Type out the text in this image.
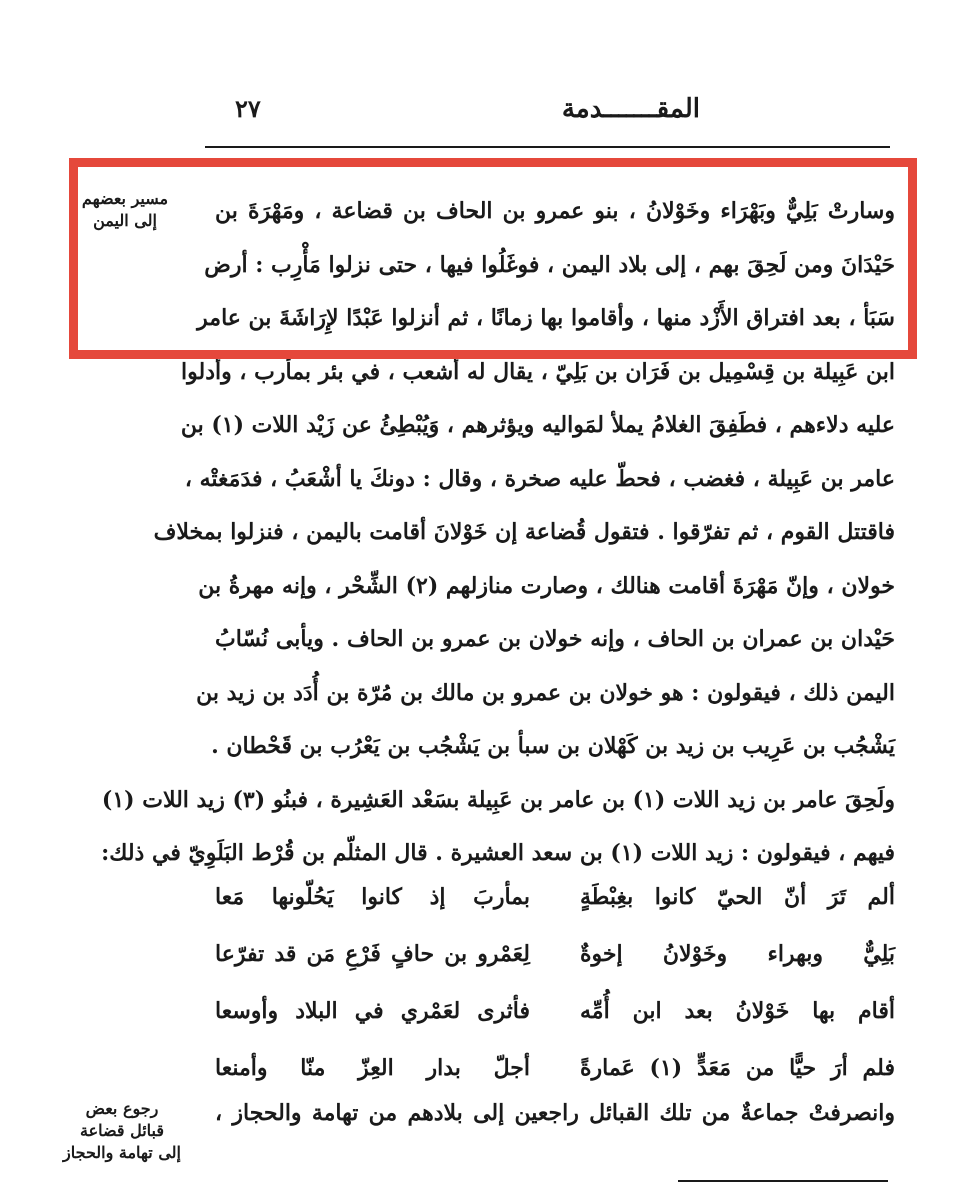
المقـــــــدمة
٢٧
مسير بعضهم
إلى اليمن	وسارتْ بَلِيٌّ وبَهْرَاء وخَوْلانُ ، بنو عمرو بن الحاف بن قضاعة ، ومَهْرَةَ بن
حَيْدَانَ ومن لَحِقَ بهم ، إلى بلاد اليمن ، فوغَلُوا فيها ، حتى نزلوا مَأْرِب : أرض
سَبَأ ، بعد افتراق الأَزْد منها ، وأقاموا بها زمانًا ، ثم أنزلوا عَبْدًا لإِرَاشَةَ بن عامر
ابن عَبِيلة بن قِسْمِيل بن فَرَان بن بَلِيّ ، يقال له أشعب ، في بئر بمأرب ، وأدلوا
عليه دلاءهم ، فطَفِقَ الغلامُ يملأ لمَواليه ويؤثرهم ، وَيُبْطِئُ عن زَيْد اللات (١) بن
عامر بن عَبِيلة ، فغضب ، فحطّ عليه صخرة ، وقال : دونكَ يا أشْعَبُ ، فدَمَغتْه ،
فاقتتل القوم ، ثم تفرّقوا . فتقول قُضاعة إن خَوْلانَ أقامت باليمن ، فنزلوا بمخلاف
خولان ، وإنّ مَهْرَةَ أقامت هنالك ، وصارت منازلهم (٢) الشِّحْر ، وإنه مهرةُ بن
حَيْدان بن عمران بن الحاف ، وإنه خولان بن عمرو بن الحاف . ويأبى نُسّابُ
اليمن ذلك ، فيقولون : هو خولان بن عمرو بن مالك بن مُرّة بن أُدَد بن زيد بن
يَشْجُب بن عَرِيب بن زيد بن كَهْلان بن سبأ بن يَشْجُب بن يَعْرُب بن قَحْطان .
ولَحِقَ عامر بن زيد اللات (١) بن عامر بن عَبِيلة بسَعْد العَشِيرة ، فبنُو (٣) زيد اللات (١)
فيهم ، فيقولون : زيد اللات (١) بن سعد العشيرة . قال المثلّم بن قُرْط البَلَوِيّ في ذلك:
ألم تَرَ أنّ الحيّ كانوا بغِبْطَةٍ
بمأربَ إذ كانوا يَحُلّونها مَعا
بَلِيٌّ وبهراء وخَوْلانُ إخوةٌ
لِعَمْرو بن حافٍ فَرْعِ مَن قد تفرّعا
أقام بها خَوْلانُ بعد ابن أُمِّه
فأثرى لعَمْري في البلاد وأوسعا
فلم أرَ حيًّا من مَعَدٍّ (١) عَمارةً
أجلّ بدار العِزّ منّا وأمنعا
رجوع بعض
قبائل قضاعة
إلى تهامة والحجاز
وانصرفتْ جماعةٌ من تلك القبائل راجعين إلى بلادهم من تهامة والحجاز ،
